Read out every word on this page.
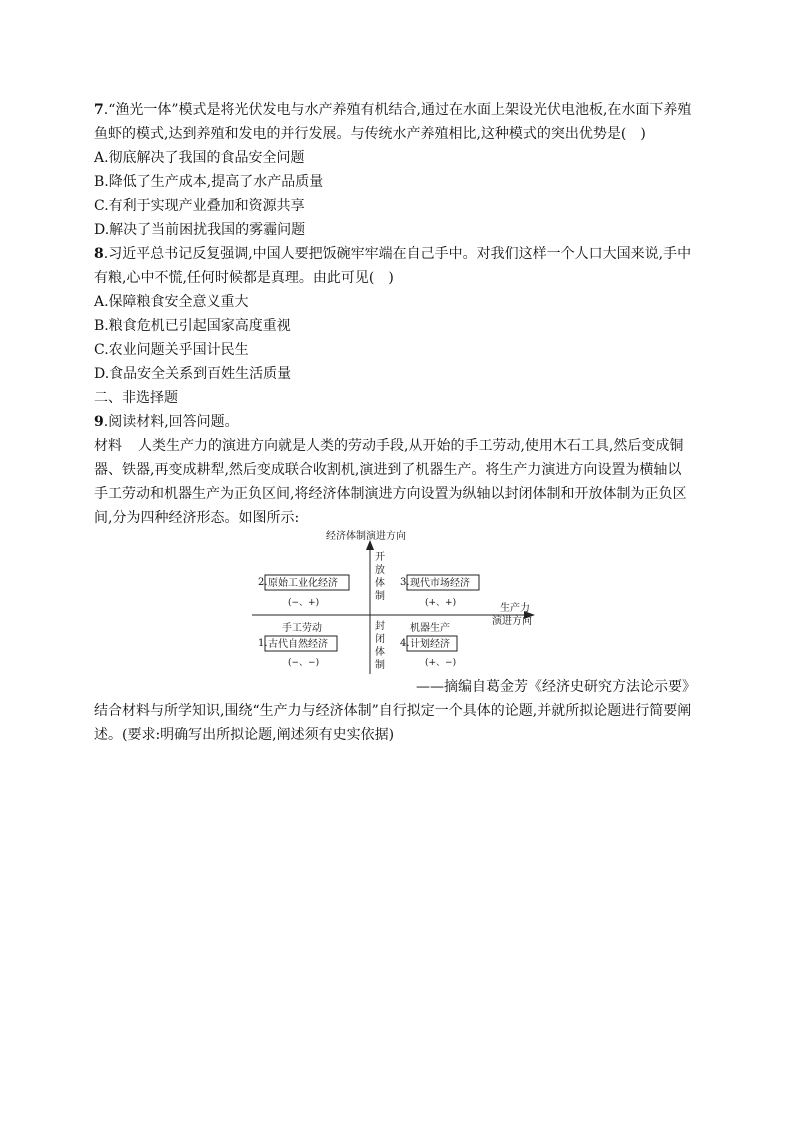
7.“渔光一体”模式是将光伏发电与水产养殖有机结合,通过在水面上架设光伏电池板,在水面下养殖

鱼虾的模式,达到养殖和发电的并行发展。与传统水产养殖相比,这种模式的突出优势是(　)

A.彻底解决了我国的食品安全问题

B.降低了生产成本,提高了水产品质量

C.有利于实现产业叠加和资源共享

D.解决了当前困扰我国的雾霾问题

8.习近平总书记反复强调,中国人要把饭碗牢牢端在自己手中。对我们这样一个人口大国来说,手中

有粮,心中不慌,任何时候都是真理。由此可见(　)

A.保障粮食安全意义重大

B.粮食危机已引起国家高度重视

C.农业问题关乎国计民生

D.食品安全关系到百姓生活质量

二、非选择题

9.阅读材料,回答问题。

材料 人类生产力的演进方向就是人类的劳动手段,从开始的手工劳动,使用木石工具,然后变成铜

器、铁器,再变成耕犁,然后变成联合收割机,演进到了机器生产。将生产力演进方向设置为横轴以

手工劳动和机器生产为正负区间,将经济体制演进方向设置为纵轴以封闭体制和开放体制为正负区

间,分为四种经济形态。如图所示:

经济体制演进方向
生产力
演进方向
开
放
体
制
封
闭
体
制
2. 原始工业化经济
(−、+)
3. 现代市场经济
(+、+)
手工劳动
1. 古代自然经济
(−、−)
机器生产
4. 计划经济
(+、−)

——摘编自葛金芳《经济史研究方法论示要》

结合材料与所学知识,围绕“生产力与经济体制”自行拟定一个具体的论题,并就所拟论题进行简要阐

述。(要求:明确写出所拟论题,阐述须有史实依据)
